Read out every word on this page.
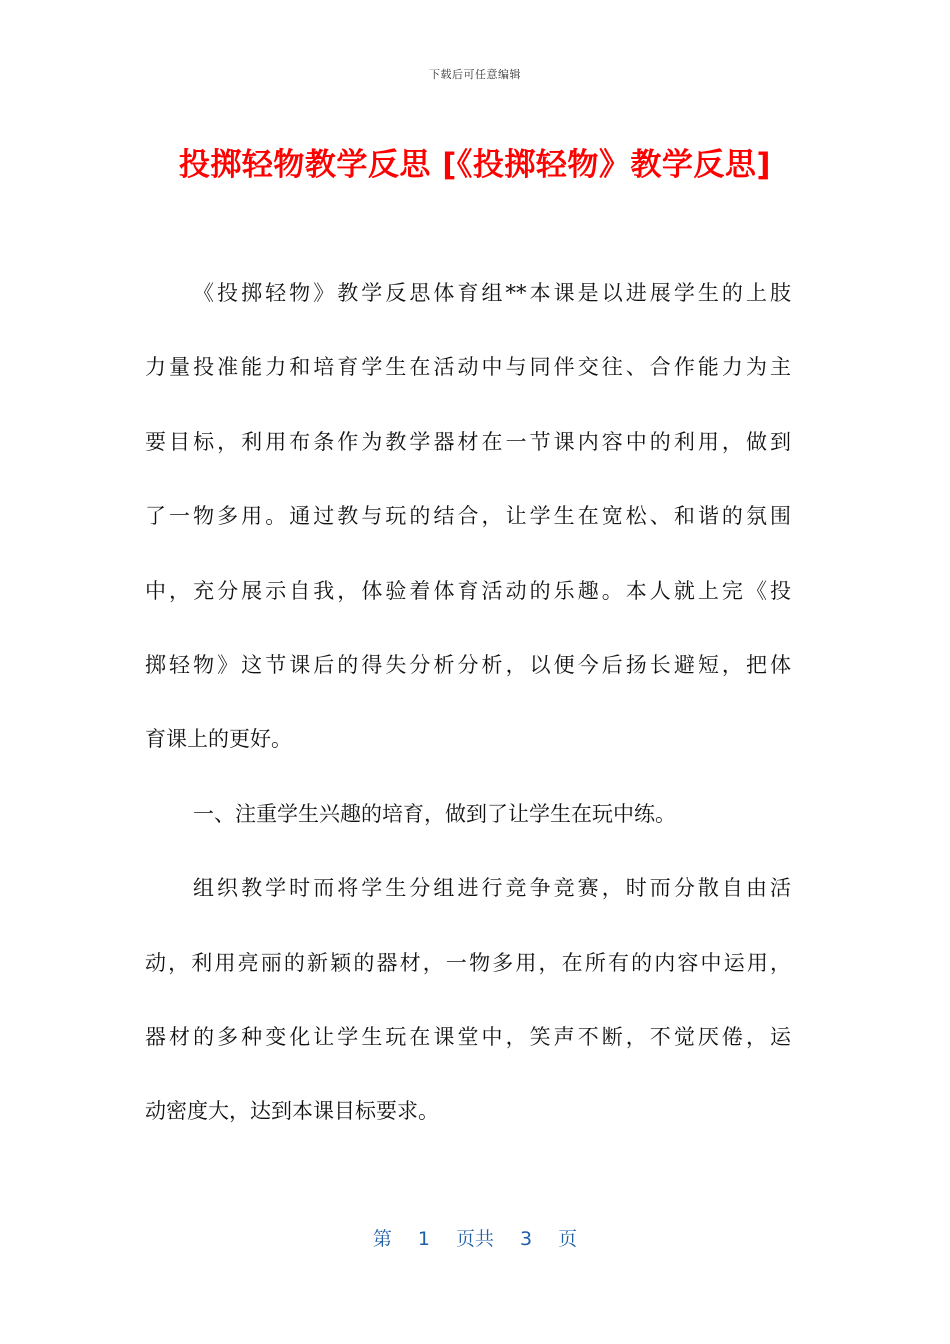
下载后可任意编辑
投掷轻物教学反思 [《投掷轻物》教学反思]
《投掷轻物》教学反思体育组**本课是以进展学生的上肢
力量投准能力和培育学生在活动中与同伴交往、合作能力为主
要目标，利用布条作为教学器材在一节课内容中的利用，做到
了一物多用。通过教与玩的结合，让学生在宽松、和谐的氛围
中，充分展示自我，体验着体育活动的乐趣。本人就上完《投
掷轻物》这节课后的得失分析分析，以便今后扬长避短，把体
育课上的更好。
一、注重学生兴趣的培育，做到了让学生在玩中练。
组织教学时而将学生分组进行竞争竞赛，时而分散自由活
动，利用亮丽的新颖的器材，一物多用，在所有的内容中运用，
器材的多种变化让学生玩在课堂中，笑声不断，不觉厌倦，运
动密度大，达到本课目标要求。
第 1 页共 3 页
